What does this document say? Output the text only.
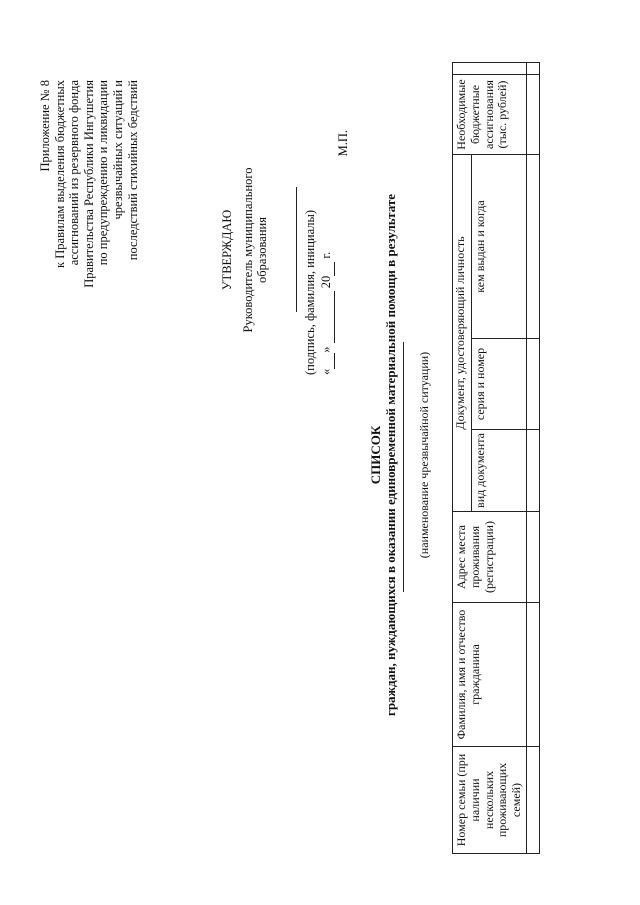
Приложение № 8 к Правилам выделения бюджетных ассигнований из резервного фонда Правительства Республики Ингушетия по предупреждению и ликвидации чрезвычайных ситуаций и последствий стихийных бедствий	УТВЕРЖДАЮ Руководитель муниципального образования	(подпись, фамилия, инициалы) « »   20  г.
М.П.
СПИСОК граждан, нуждающихся в оказании единовременной материальной помощи в результате (наименование чрезвычайной ситуации)
Номер семьи (при наличии нескольких проживающих семей)	Фамилия, имя и отчество гражданина	Адрес места проживания (регистрации)	Документ, удостоверяющий личность			Необходимые бюджетные ассигнования (тыс. рублей)	
			вид документа	серия и номер	кем выдан и когда		
